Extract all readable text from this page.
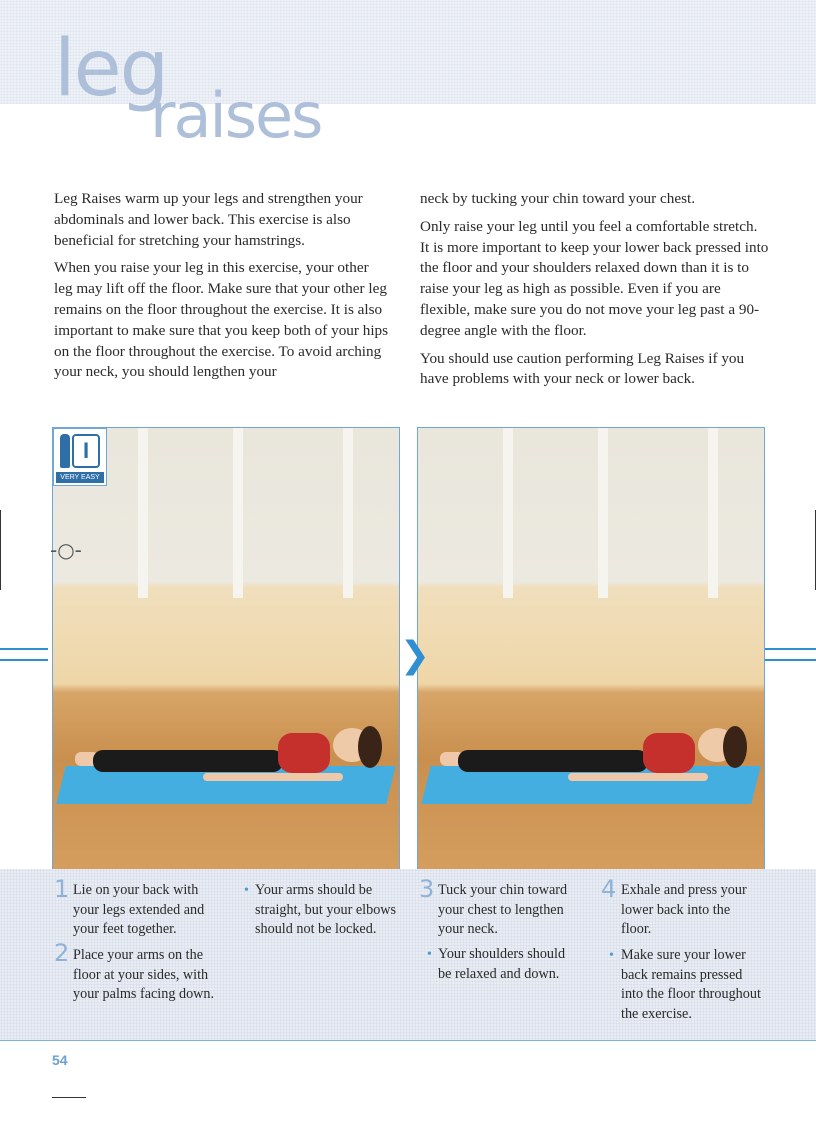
leg
raises

Leg Raises warm up your legs and strengthen your abdominals and lower back. This exercise is also beneficial for stretching your hamstrings.

When you raise your leg in this exercise, your other leg may lift off the floor. Make sure that your other leg remains on the floor throughout the exercise. It is also important to make sure that you keep both of your hips on the floor throughout the exercise. To avoid arching your neck, you should lengthen your

neck by tucking your chin toward your chest.

Only raise your leg until you feel a comfortable stretch. It is more important to keep your lower back pressed into the floor and your shoulders relaxed down than it is to raise your leg as high as possible. Even if you are flexible, make sure you do not move your leg past a 90-degree angle with the floor.

You should use caution performing Leg Raises if you have problems with your neck or lower back.

I
VERY EASY
-○-
❯
1 Lie on your back with your legs extended and your feet together.
2 Place your arms on the floor at your sides, with your palms facing down.
• Your arms should be straight, but your elbows should not be locked.
3 Tuck your chin toward your chest to lengthen your neck.
• Your shoulders should be relaxed and down.
4 Exhale and press your lower back into the floor.
• Make sure your lower back remains pressed into the floor throughout the exercise.
54
